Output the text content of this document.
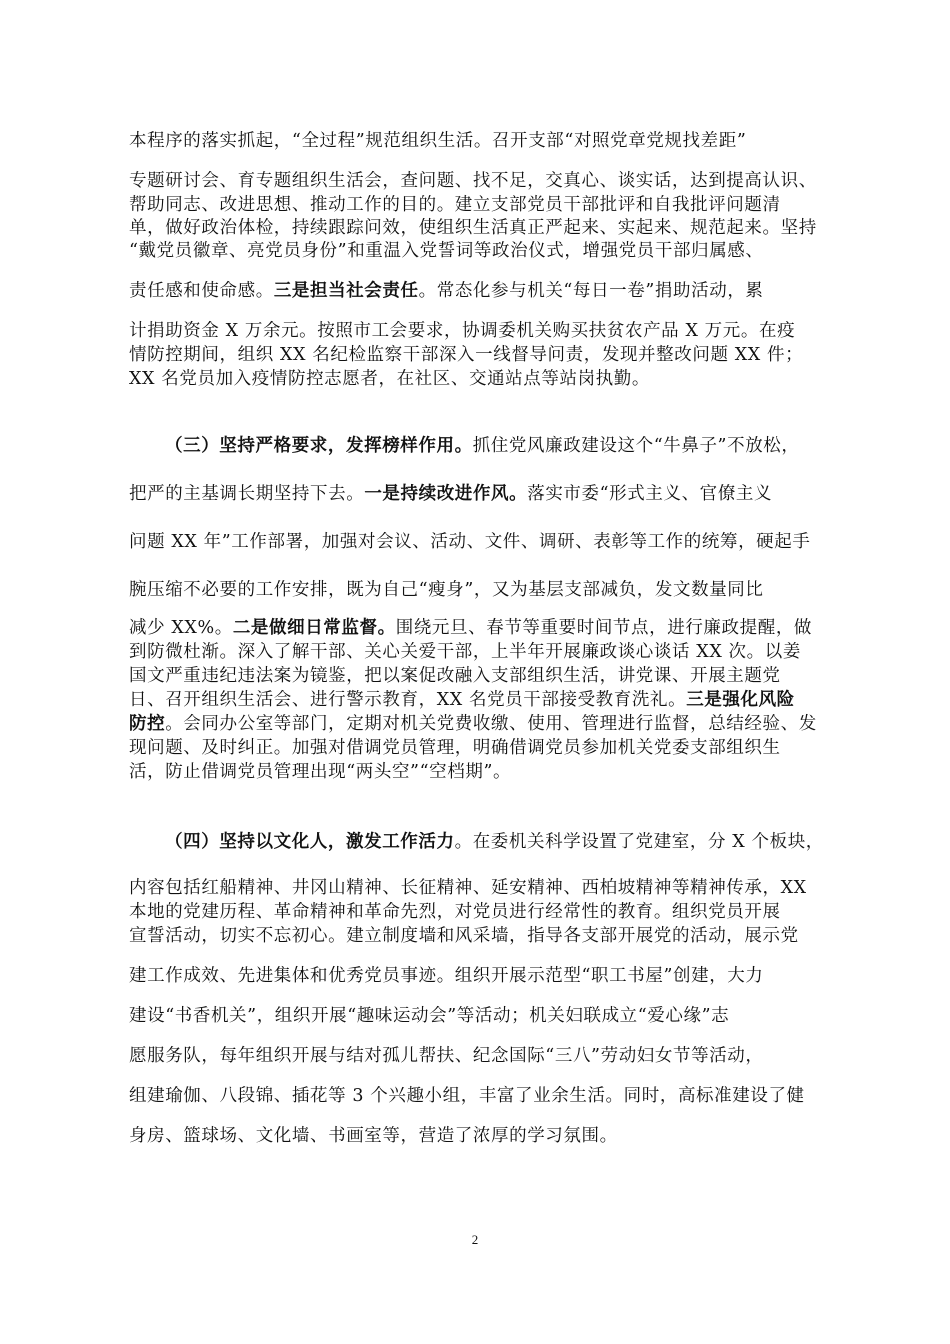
本程序的落实抓起，“全过程”规范组织生活。召开支部“对照党章党规找差距”
专题研讨会、育专题组织生活会，查问题、找不足，交真心、谈实话，达到提高认识、
帮助同志、改进思想、推动工作的目的。建立支部党员干部批评和自我批评问题清
单，做好政治体检，持续跟踪问效，使组织生活真正严起来、实起来、规范起来。坚持
“戴党员徽章、亮党员身份”和重温入党誓词等政治仪式，增强党员干部归属感、
责任感和使命感。三是担当社会责任。常态化参与机关“每日一卷”捐助活动，累
计捐助资金 X 万余元。按照市工会要求，协调委机关购买扶贫农产品 X 万元。在疫
情防控期间，组织 XX 名纪检监察干部深入一线督导问责，发现并整改问题 XX 件；
XX 名党员加入疫情防控志愿者，在社区、交通站点等站岗执勤。
（三）坚持严格要求，发挥榜样作用。抓住党风廉政建设这个“牛鼻子”不放松，
把严的主基调长期坚持下去。一是持续改进作风。落实市委“形式主义、官僚主义
问题 XX 年”工作部署，加强对会议、活动、文件、调研、表彰等工作的统筹，硬起手
腕压缩不必要的工作安排，既为自己“瘦身”，又为基层支部减负，发文数量同比
减少 XX%。二是做细日常监督。围绕元旦、春节等重要时间节点，进行廉政提醒，做
到防微杜渐。深入了解干部、关心关爱干部，上半年开展廉政谈心谈话 XX 次。以姜
国文严重违纪违法案为镜鉴，把以案促改融入支部组织生活，讲党课、开展主题党
日、召开组织生活会、进行警示教育，XX 名党员干部接受教育洗礼。三是强化风险
防控。会同办公室等部门，定期对机关党费收缴、使用、管理进行监督，总结经验、发
现问题、及时纠正。加强对借调党员管理，明确借调党员参加机关党委支部组织生
活，防止借调党员管理出现“两头空”“空档期”。
（四）坚持以文化人，激发工作活力。在委机关科学设置了党建室，分 X 个板块，
内容包括红船精神、井冈山精神、长征精神、延安精神、西柏坡精神等精神传承，XX
本地的党建历程、革命精神和革命先烈，对党员进行经常性的教育。组织党员开展
宣誓活动，切实不忘初心。建立制度墙和风采墙，指导各支部开展党的活动，展示党
建工作成效、先进集体和优秀党员事迹。组织开展示范型“职工书屋”创建，大力
建设“书香机关”，组织开展“趣味运动会”等活动；机关妇联成立“爱心缘”志
愿服务队，每年组织开展与结对孤儿帮扶、纪念国际“三八”劳动妇女节等活动，
组建瑜伽、八段锦、插花等 3 个兴趣小组，丰富了业余生活。同时，高标准建设了健
身房、篮球场、文化墙、书画室等，营造了浓厚的学习氛围。
2
